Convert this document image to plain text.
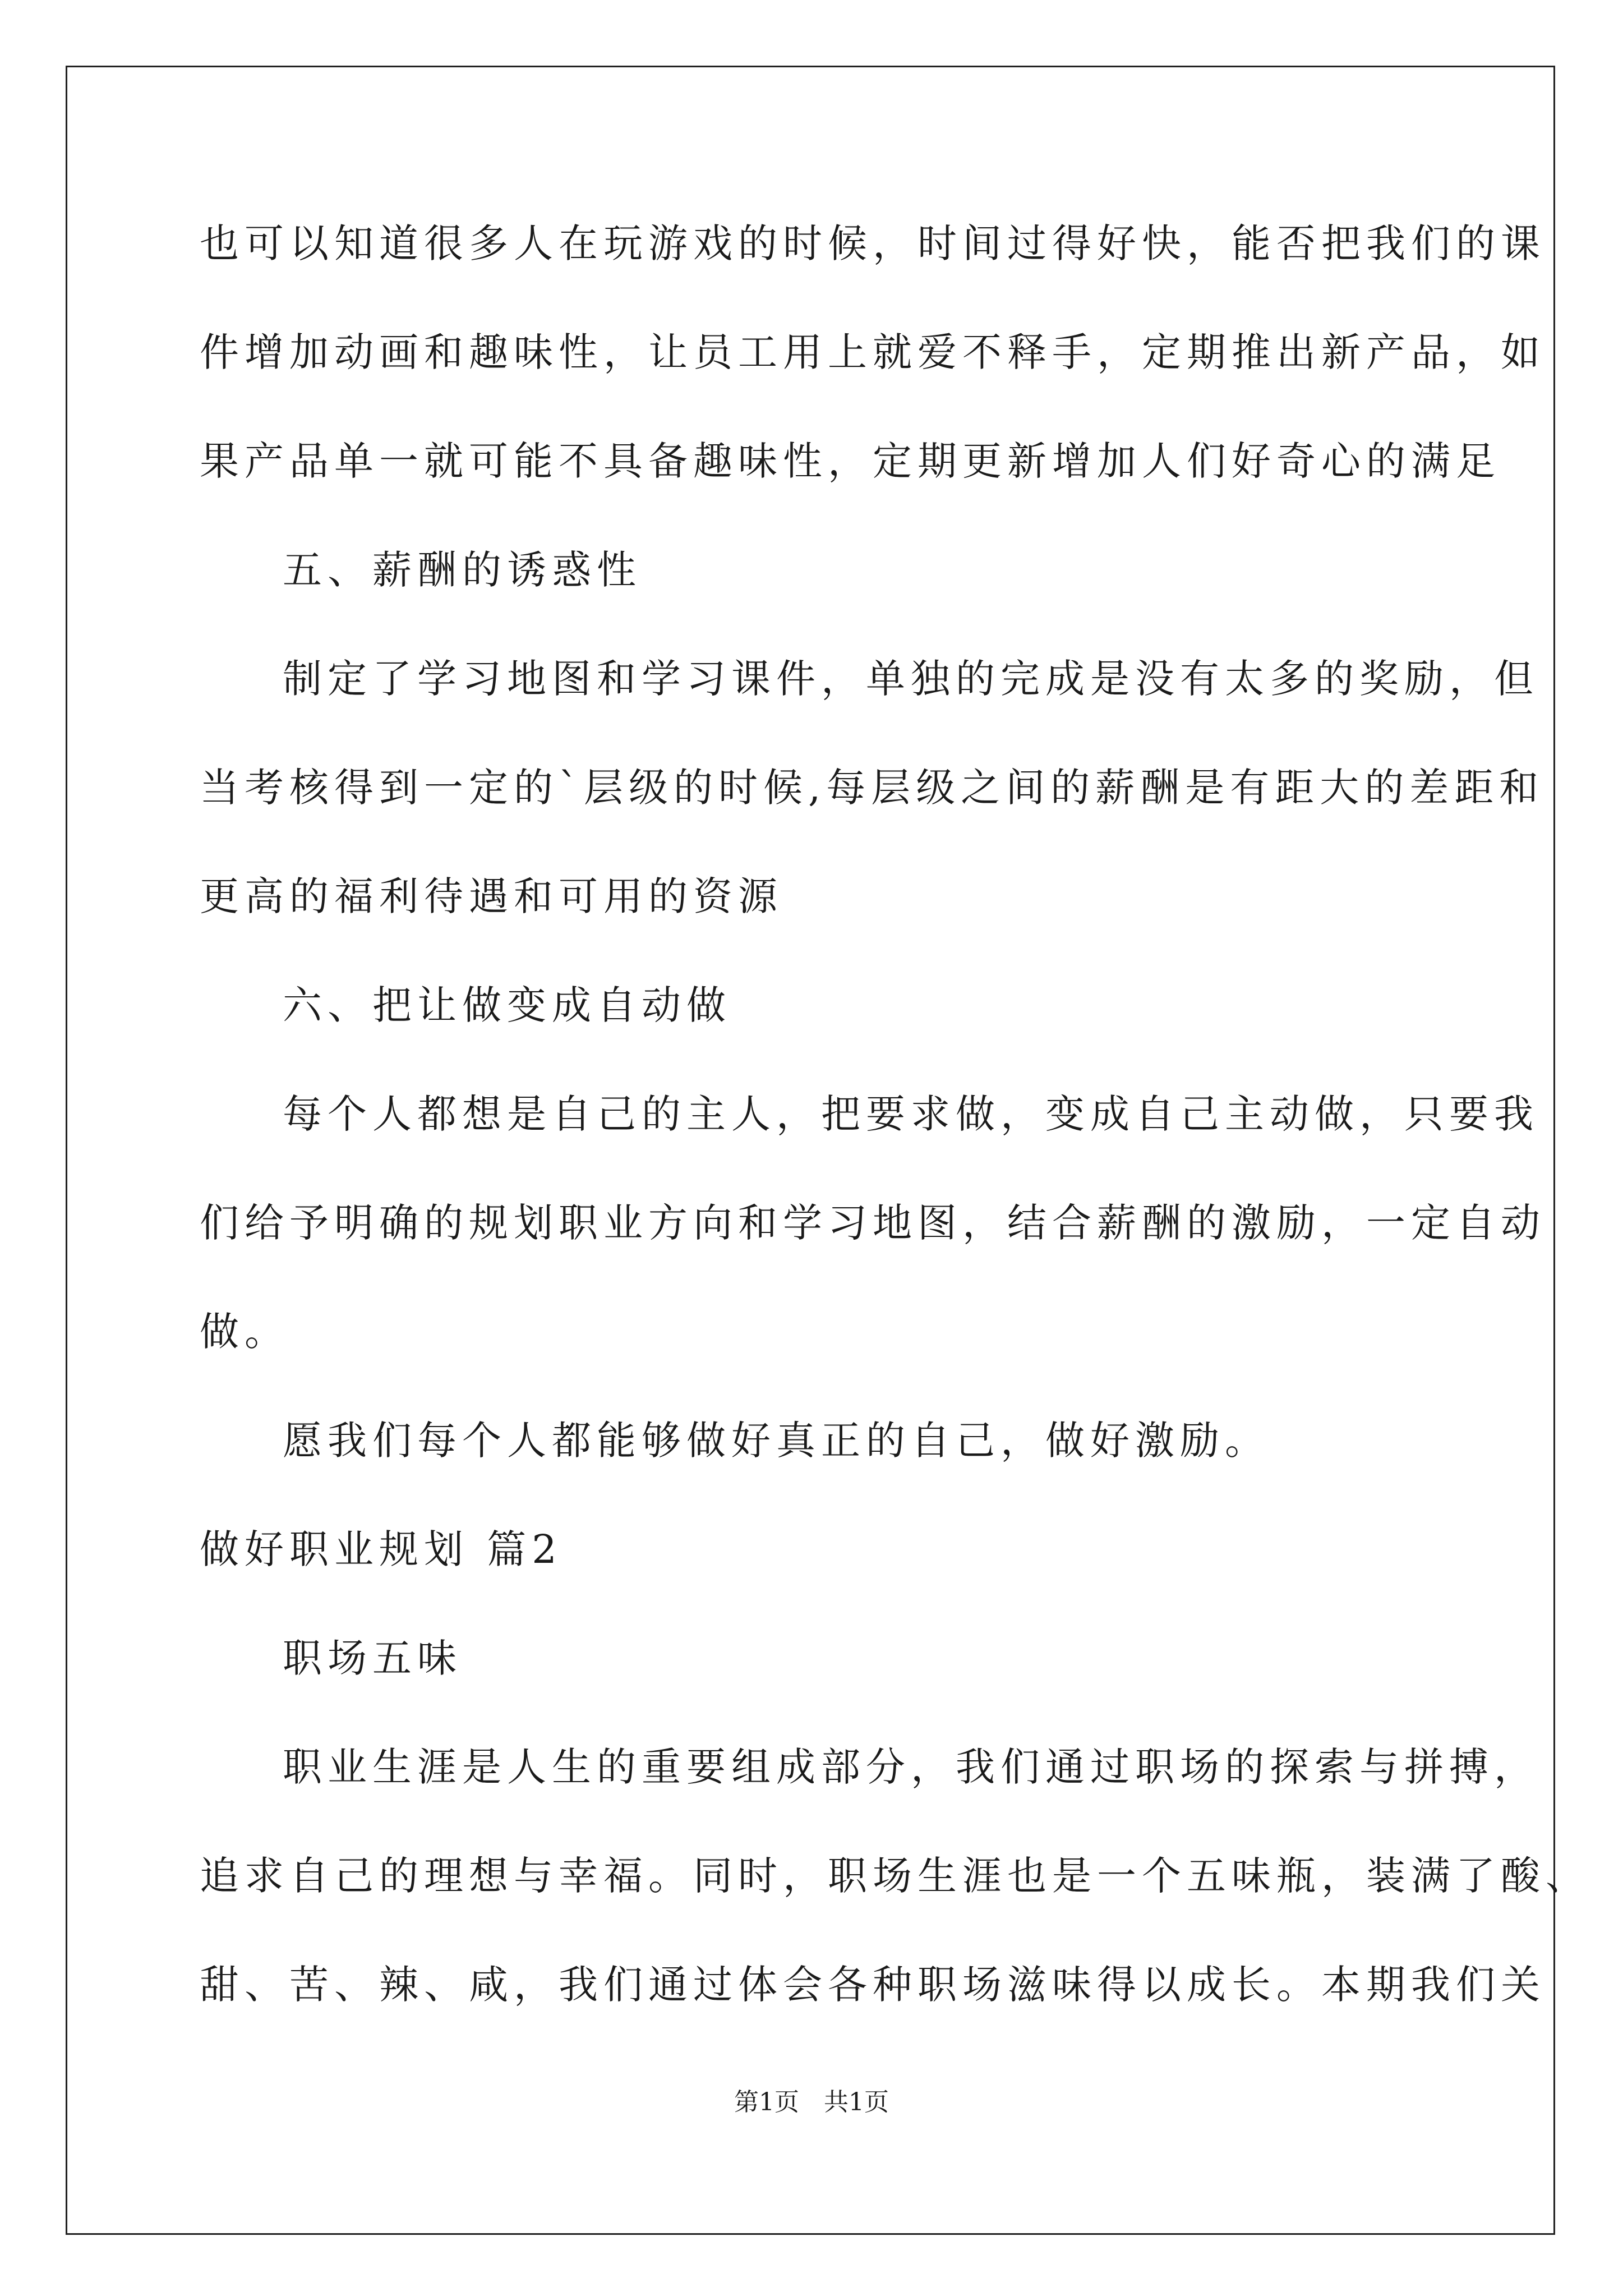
也可以知道很多人在玩游戏的时候，时间过得好快，能否把我们的课

件增加动画和趣味性，让员工用上就爱不释手，定期推出新产品，如

果产品单一就可能不具备趣味性，定期更新增加人们好奇心的满足

五、薪酬的诱惑性

制定了学习地图和学习课件，单独的完成是没有太多的奖励，但

当考核得到一定的`层级的时候,每层级之间的薪酬是有距大的差距和

更高的福利待遇和可用的资源

六、把让做变成自动做

每个人都想是自己的主人，把要求做，变成自己主动做，只要我

们给予明确的规划职业方向和学习地图，结合薪酬的激励，一定自动

做。

愿我们每个人都能够做好真正的自己，做好激励。

做好职业规划 篇2

职场五味

职业生涯是人生的重要组成部分，我们通过职场的探索与拼搏，

追求自己的理想与幸福。同时，职场生涯也是一个五味瓶，装满了酸、

甜、苦、辣、咸，我们通过体会各种职场滋味得以成长。本期我们关

第1页　共1页
